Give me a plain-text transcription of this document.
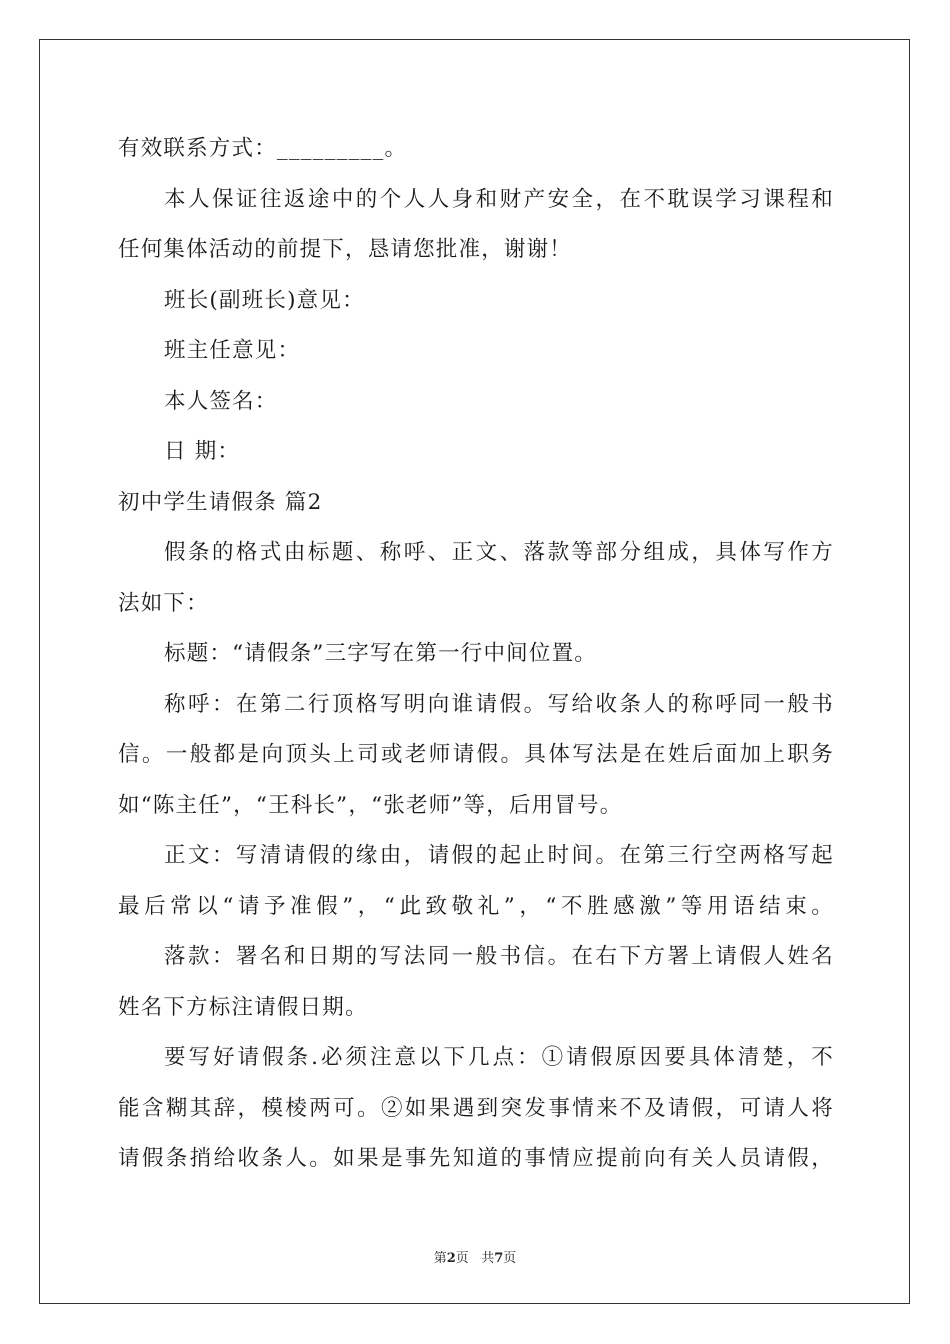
有效联系方式：_________。
本人保证往返途中的个人人身和财产安全，在不耽误学习课程和
任何集体活动的前提下，恳请您批准，谢谢！
班长(副班长)意见：
班主任意见：
本人签名：
日 期：
初中学生请假条 篇2
假条的格式由标题、称呼、正文、落款等部分组成，具体写作方
法如下：
标题：“请假条”三字写在第一行中间位置。
称呼：在第二行顶格写明向谁请假。写给收条人的称呼同一般书
信。一般都是向顶头上司或老师请假。具体写法是在姓后面加上职务
如“陈主任”，“王科长”，“张老师”等，后用冒号。
正文：写清请假的缘由，请假的起止时间。在第三行空两格写起
最后常以“请予准假”，“此致敬礼”，“不胜感激”等用语结束。
落款：署名和日期的写法同一般书信。在右下方署上请假人姓名
姓名下方标注请假日期。
要写好请假条.必须注意以下几点：①请假原因要具体清楚，不
能含糊其辞，模棱两可。②如果遇到突发事情来不及请假，可请人将
请假条捎给收条人。如果是事先知道的事情应提前向有关人员请假，
第2页 共7页
